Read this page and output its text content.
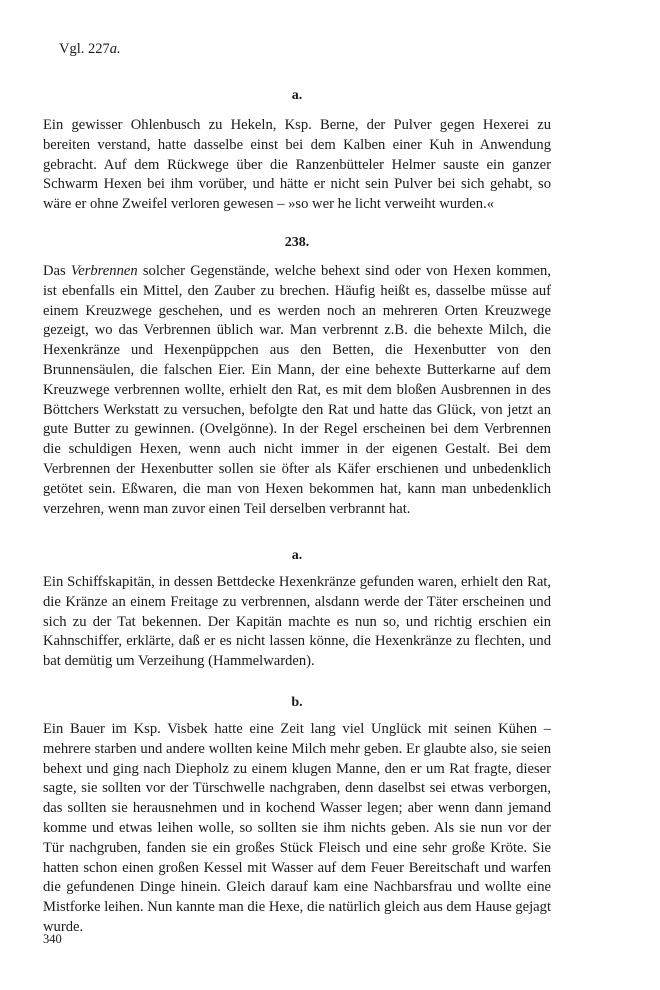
Vgl. 227a.
a.

Ein gewisser Ohlenbusch zu Hekeln, Ksp. Berne, der Pulver gegen Hexerei zu bereiten verstand, hatte dasselbe einst bei dem Kalben einer Kuh in Anwendung gebracht. Auf dem Rückwege über die Ranzenbütteler Helmer sauste ein ganzer Schwarm Hexen bei ihm vorüber, und hätte er nicht sein Pulver bei sich gehabt, so wäre er ohne Zweifel verloren gewesen – »so wer he licht verweiht wurden.«

238.

Das Verbrennen solcher Gegenstände, welche behext sind oder von Hexen kommen, ist ebenfalls ein Mittel, den Zauber zu brechen. Häufig heißt es, dasselbe müsse auf einem Kreuzwege geschehen, und es werden noch an mehreren Orten Kreuzwege gezeigt, wo das Verbrennen üblich war. Man verbrennt z.B. die behexte Milch, die Hexenkränze und Hexenpüppchen aus den Betten, die Hexenbutter von den Brunnensäulen, die falschen Eier. Ein Mann, der eine behexte Butterkarne auf dem Kreuzwege verbrennen wollte, erhielt den Rat, es mit dem bloßen Ausbrennen in des Böttchers Werkstatt zu versuchen, befolgte den Rat und hatte das Glück, von jetzt an gute Butter zu gewinnen. (Ovelgönne). In der Regel erscheinen bei dem Verbrennen die schuldigen Hexen, wenn auch nicht immer in der eigenen Gestalt. Bei dem Verbrennen der Hexenbutter sollen sie öfter als Käfer erschienen und unbedenklich getötet sein. Eßwaren, die man von Hexen bekommen hat, kann man unbedenklich verzehren, wenn man zuvor einen Teil derselben verbrannt hat.

a.

Ein Schiffskapitän, in dessen Bettdecke Hexenkränze gefunden waren, erhielt den Rat, die Kränze an einem Freitage zu verbrennen, alsdann werde der Täter erscheinen und sich zu der Tat bekennen. Der Kapitän machte es nun so, und richtig erschien ein Kahnschiffer, erklärte, daß er es nicht lassen könne, die Hexenkränze zu flechten, und bat demütig um Verzeihung (Hammelwarden).

b.

Ein Bauer im Ksp. Visbek hatte eine Zeit lang viel Unglück mit seinen Kühen – mehrere starben und andere wollten keine Milch mehr geben. Er glaubte also, sie seien behext und ging nach Diepholz zu einem klugen Manne, den er um Rat fragte, dieser sagte, sie sollten vor der Türschwelle nachgraben, denn daselbst sei etwas verborgen, das sollten sie herausnehmen und in kochend Wasser legen; aber wenn dann jemand komme und etwas leihen wolle, so sollten sie ihm nichts geben. Als sie nun vor der Tür nachgruben, fanden sie ein großes Stück Fleisch und eine sehr große Kröte. Sie hatten schon einen großen Kessel mit Wasser auf dem Feuer Bereitschaft und warfen die gefundenen Dinge hinein. Gleich darauf kam eine Nachbarsfrau und wollte eine Mistforke leihen. Nun kannte man die Hexe, die natürlich gleich aus dem Hause gejagt wurde.

340
